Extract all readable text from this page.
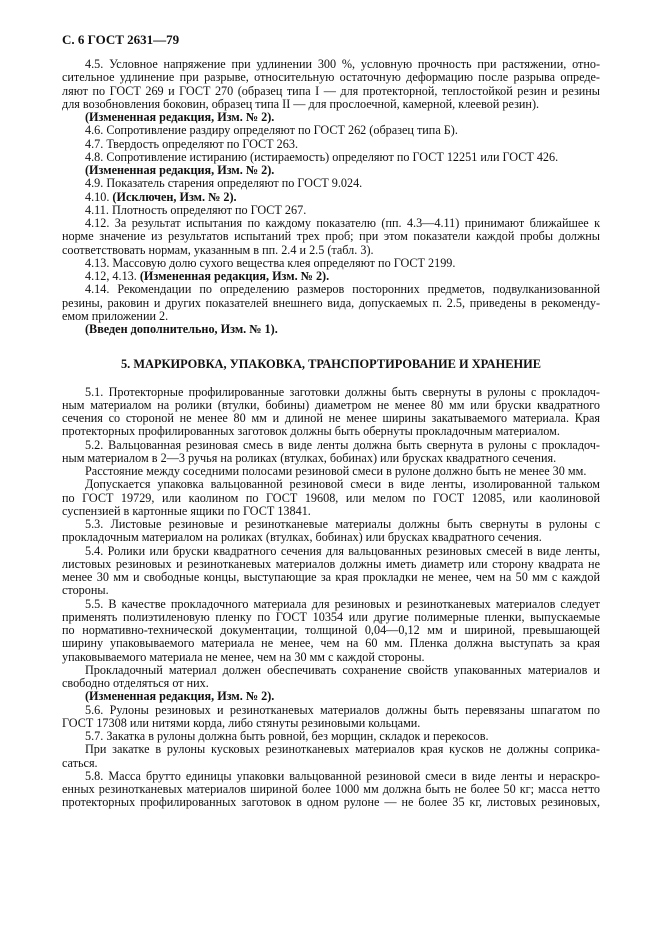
С. 6 ГОСТ 2631—79
4.5. Условное напряжение при удлинении 300 %, условную прочность при растяжении, отно-
сительное удлинение при разрыве, относительную остаточную деформацию после разрыва опреде-
ляют по ГОСТ 269 и ГОСТ 270 (образец типа I — для протекторной, теплостойкой резин и резины
для возобновления боковин, образец типа II — для прослоечной, камерной, клеевой резин).
(Измененная редакция, Изм. № 2).
4.6. Сопротивление раздиру определяют по ГОСТ 262 (образец типа Б).
4.7. Твердость определяют по ГОСТ 263.
4.8. Сопротивление истиранию (истираемость) определяют по ГОСТ 12251 или ГОСТ 426.
(Измененная редакция, Изм. № 2).
4.9. Показатель старения определяют по ГОСТ 9.024.
4.10. (Исключен, Изм. № 2).
4.11. Плотность определяют по ГОСТ 267.
4.12. За результат испытания по каждому показателю (пп. 4.3—4.11) принимают ближайшее к
норме значение из результатов испытаний трех проб; при этом показатели каждой пробы должны
соответствовать нормам, указанным в пп. 2.4 и 2.5 (табл. 3).
4.13. Массовую долю сухого вещества клея определяют по ГОСТ 2199.
4.12, 4.13. (Измененная редакция, Изм. № 2).
4.14. Рекомендации по определению размеров посторонних предметов, подвулканизованной
резины, раковин и других показателей внешнего вида, допускаемых п. 2.5, приведены в рекоменду-
емом приложении 2.
(Введен дополнительно, Изм. № 1).
5. МАРКИРОВКА, УПАКОВКА, ТРАНСПОРТИРОВАНИЕ И ХРАНЕНИЕ
5.1. Протекторные профилированные заготовки должны быть свернуты в рулоны с прокладоч-
ным материалом на ролики (втулки, бобины) диаметром не менее 80 мм или бруски квадратного
сечения со стороной не менее 80 мм и длиной не менее ширины закатываемого материала. Края
протекторных профилированных заготовок должны быть обернуты прокладочным материалом.
5.2. Вальцованная резиновая смесь в виде ленты должна быть свернута в рулоны с прокладоч-
ным материалом в 2—3 ручья на роликах (втулках, бобинах) или брусках квадратного сечения.
Расстояние между соседними полосами резиновой смеси в рулоне должно быть не менее 30 мм.
Допускается упаковка вальцованной резиновой смеси в виде ленты, изолированной тальком
по ГОСТ 19729, или каолином по ГОСТ 19608, или мелом по ГОСТ 12085, или каолиновой
суспензией в картонные ящики по ГОСТ 13841.
5.3. Листовые резиновые и резинотканевые материалы должны быть свернуты в рулоны с
прокладочным материалом на роликах (втулках, бобинах) или брусках квадратного сечения.
5.4. Ролики или бруски квадратного сечения для вальцованных резиновых смесей в виде ленты,
листовых резиновых и резинотканевых материалов должны иметь диаметр или сторону квадрата не
менее 30 мм и свободные концы, выступающие за края прокладки не менее, чем на 50 мм с каждой
стороны.
5.5. В качестве прокладочного материала для резиновых и резинотканевых материалов следует
применять полиэтиленовую пленку по ГОСТ 10354 или другие полимерные пленки, выпускаемые
по нормативно-технической документации, толщиной 0,04—0,12 мм и шириной, превышающей
ширину упаковываемого материала не менее, чем на 60 мм. Пленка должна выступать за края
упаковываемого материала не менее, чем на 30 мм с каждой стороны.
Прокладочный материал должен обеспечивать сохранение свойств упакованных материалов и
свободно отделяться от них.
(Измененная редакция, Изм. № 2).
5.6. Рулоны резиновых и резинотканевых материалов должны быть перевязаны шпагатом по
ГОСТ 17308 или нитями корда, либо стянуты резиновыми кольцами.
5.7. Закатка в рулоны должна быть ровной, без морщин, складок и перекосов.
При закатке в рулоны кусковых резинотканевых материалов края кусков не должны соприка-
саться.
5.8. Масса брутто единицы упаковки вальцованной резиновой смеси в виде ленты и нераскро-
енных резинотканевых материалов шириной более 1000 мм должна быть не более 50 кг; масса нетто
протекторных профилированных заготовок в одном рулоне — не более 35 кг, листовых резиновых,
